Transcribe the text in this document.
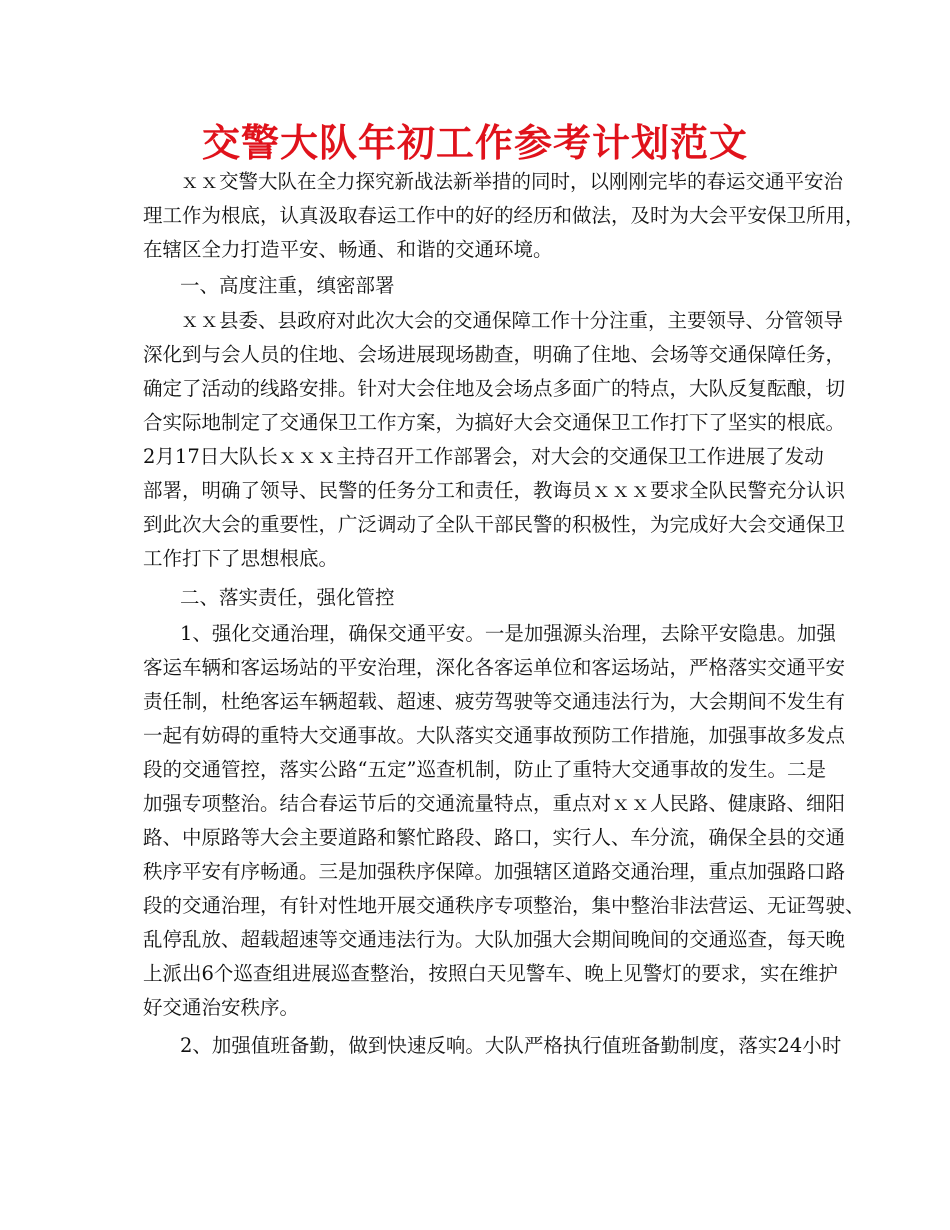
交警大队年初工作参考计划范文

ｘｘ交警大队在全力探究新战法新举措的同时，以刚刚完毕的春运交通平安治

理工作为根底，认真汲取春运工作中的好的经历和做法，及时为大会平安保卫所用，

在辖区全力打造平安、畅通、和谐的交通环境。

一、高度注重，缜密部署

ｘｘ县委、县政府对此次大会的交通保障工作十分注重，主要领导、分管领导

深化到与会人员的住地、会场进展现场勘查，明确了住地、会场等交通保障任务，

确定了活动的线路安排。针对大会住地及会场点多面广的特点，大队反复酝酿，切

合实际地制定了交通保卫工作方案，为搞好大会交通保卫工作打下了坚实的根底。

2月17日大队长ｘｘｘ主持召开工作部署会，对大会的交通保卫工作进展了发动

部署，明确了领导、民警的任务分工和责任，教诲员ｘｘｘ要求全队民警充分认识

到此次大会的重要性，广泛调动了全队干部民警的积极性，为完成好大会交通保卫

工作打下了思想根底。

二、落实责任，强化管控

1、强化交通治理，确保交通平安。一是加强源头治理，去除平安隐患。加强

客运车辆和客运场站的平安治理，深化各客运单位和客运场站，严格落实交通平安

责任制，杜绝客运车辆超载、超速、疲劳驾驶等交通违法行为，大会期间不发生有

一起有妨碍的重特大交通事故。大队落实交通事故预防工作措施，加强事故多发点

段的交通管控，落实公路“五定”巡查机制，防止了重特大交通事故的发生。二是

加强专项整治。结合春运节后的交通流量特点，重点对ｘｘ人民路、健康路、细阳

路、中原路等大会主要道路和繁忙路段、路口，实行人、车分流，确保全县的交通

秩序平安有序畅通。三是加强秩序保障。加强辖区道路交通治理，重点加强路口路

段的交通治理，有针对性地开展交通秩序专项整治，集中整治非法营运、无证驾驶、

乱停乱放、超载超速等交通违法行为。大队加强大会期间晚间的交通巡查，每天晚

上派出6个巡查组进展巡查整治，按照白天见警车、晚上见警灯的要求，实在维护

好交通治安秩序。

2、加强值班备勤，做到快速反响。大队严格执行值班备勤制度，落实24小时
